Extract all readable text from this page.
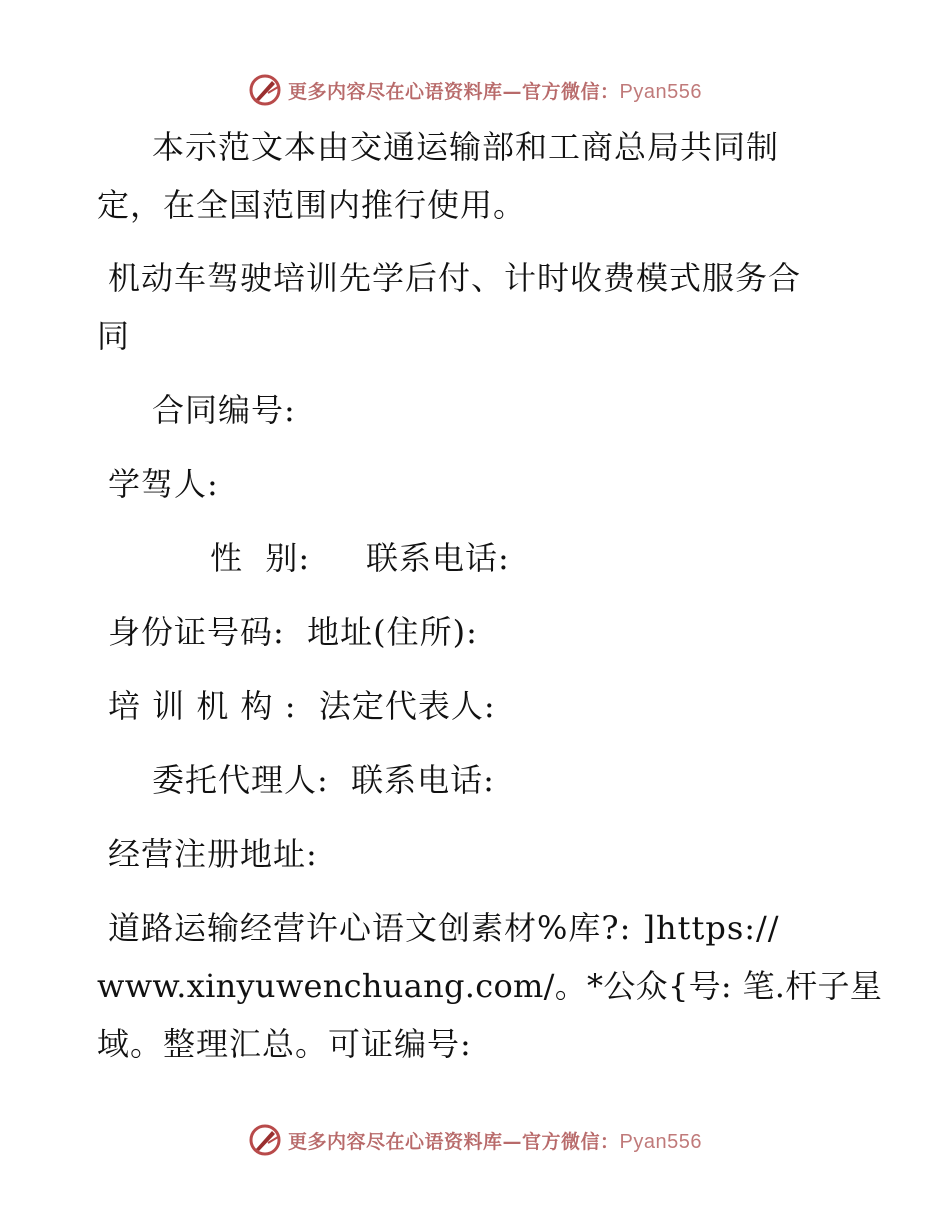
更多内容尽在心语资料库—官方微信：Pyan556
本示范文本由交通运输部和工商总局共同制
定，在全国范围内推行使用。
机动车驾驶培训先学后付、计时收费模式服务合
同
合同编号:
学驾人:
性  别:     联系电话:
身份证号码:  地址(住所):
培 训 机 构 :  法定代表人:
委托代理人:  联系电话:
经营注册地址:
道路运输经营许心语文创素材%库?: ]https://
www.xinyuwenchuang.com/。*公众{号: 笔.杆子星
域。整理汇总。可证编号:
更多内容尽在心语资料库—官方微信：Pyan556
